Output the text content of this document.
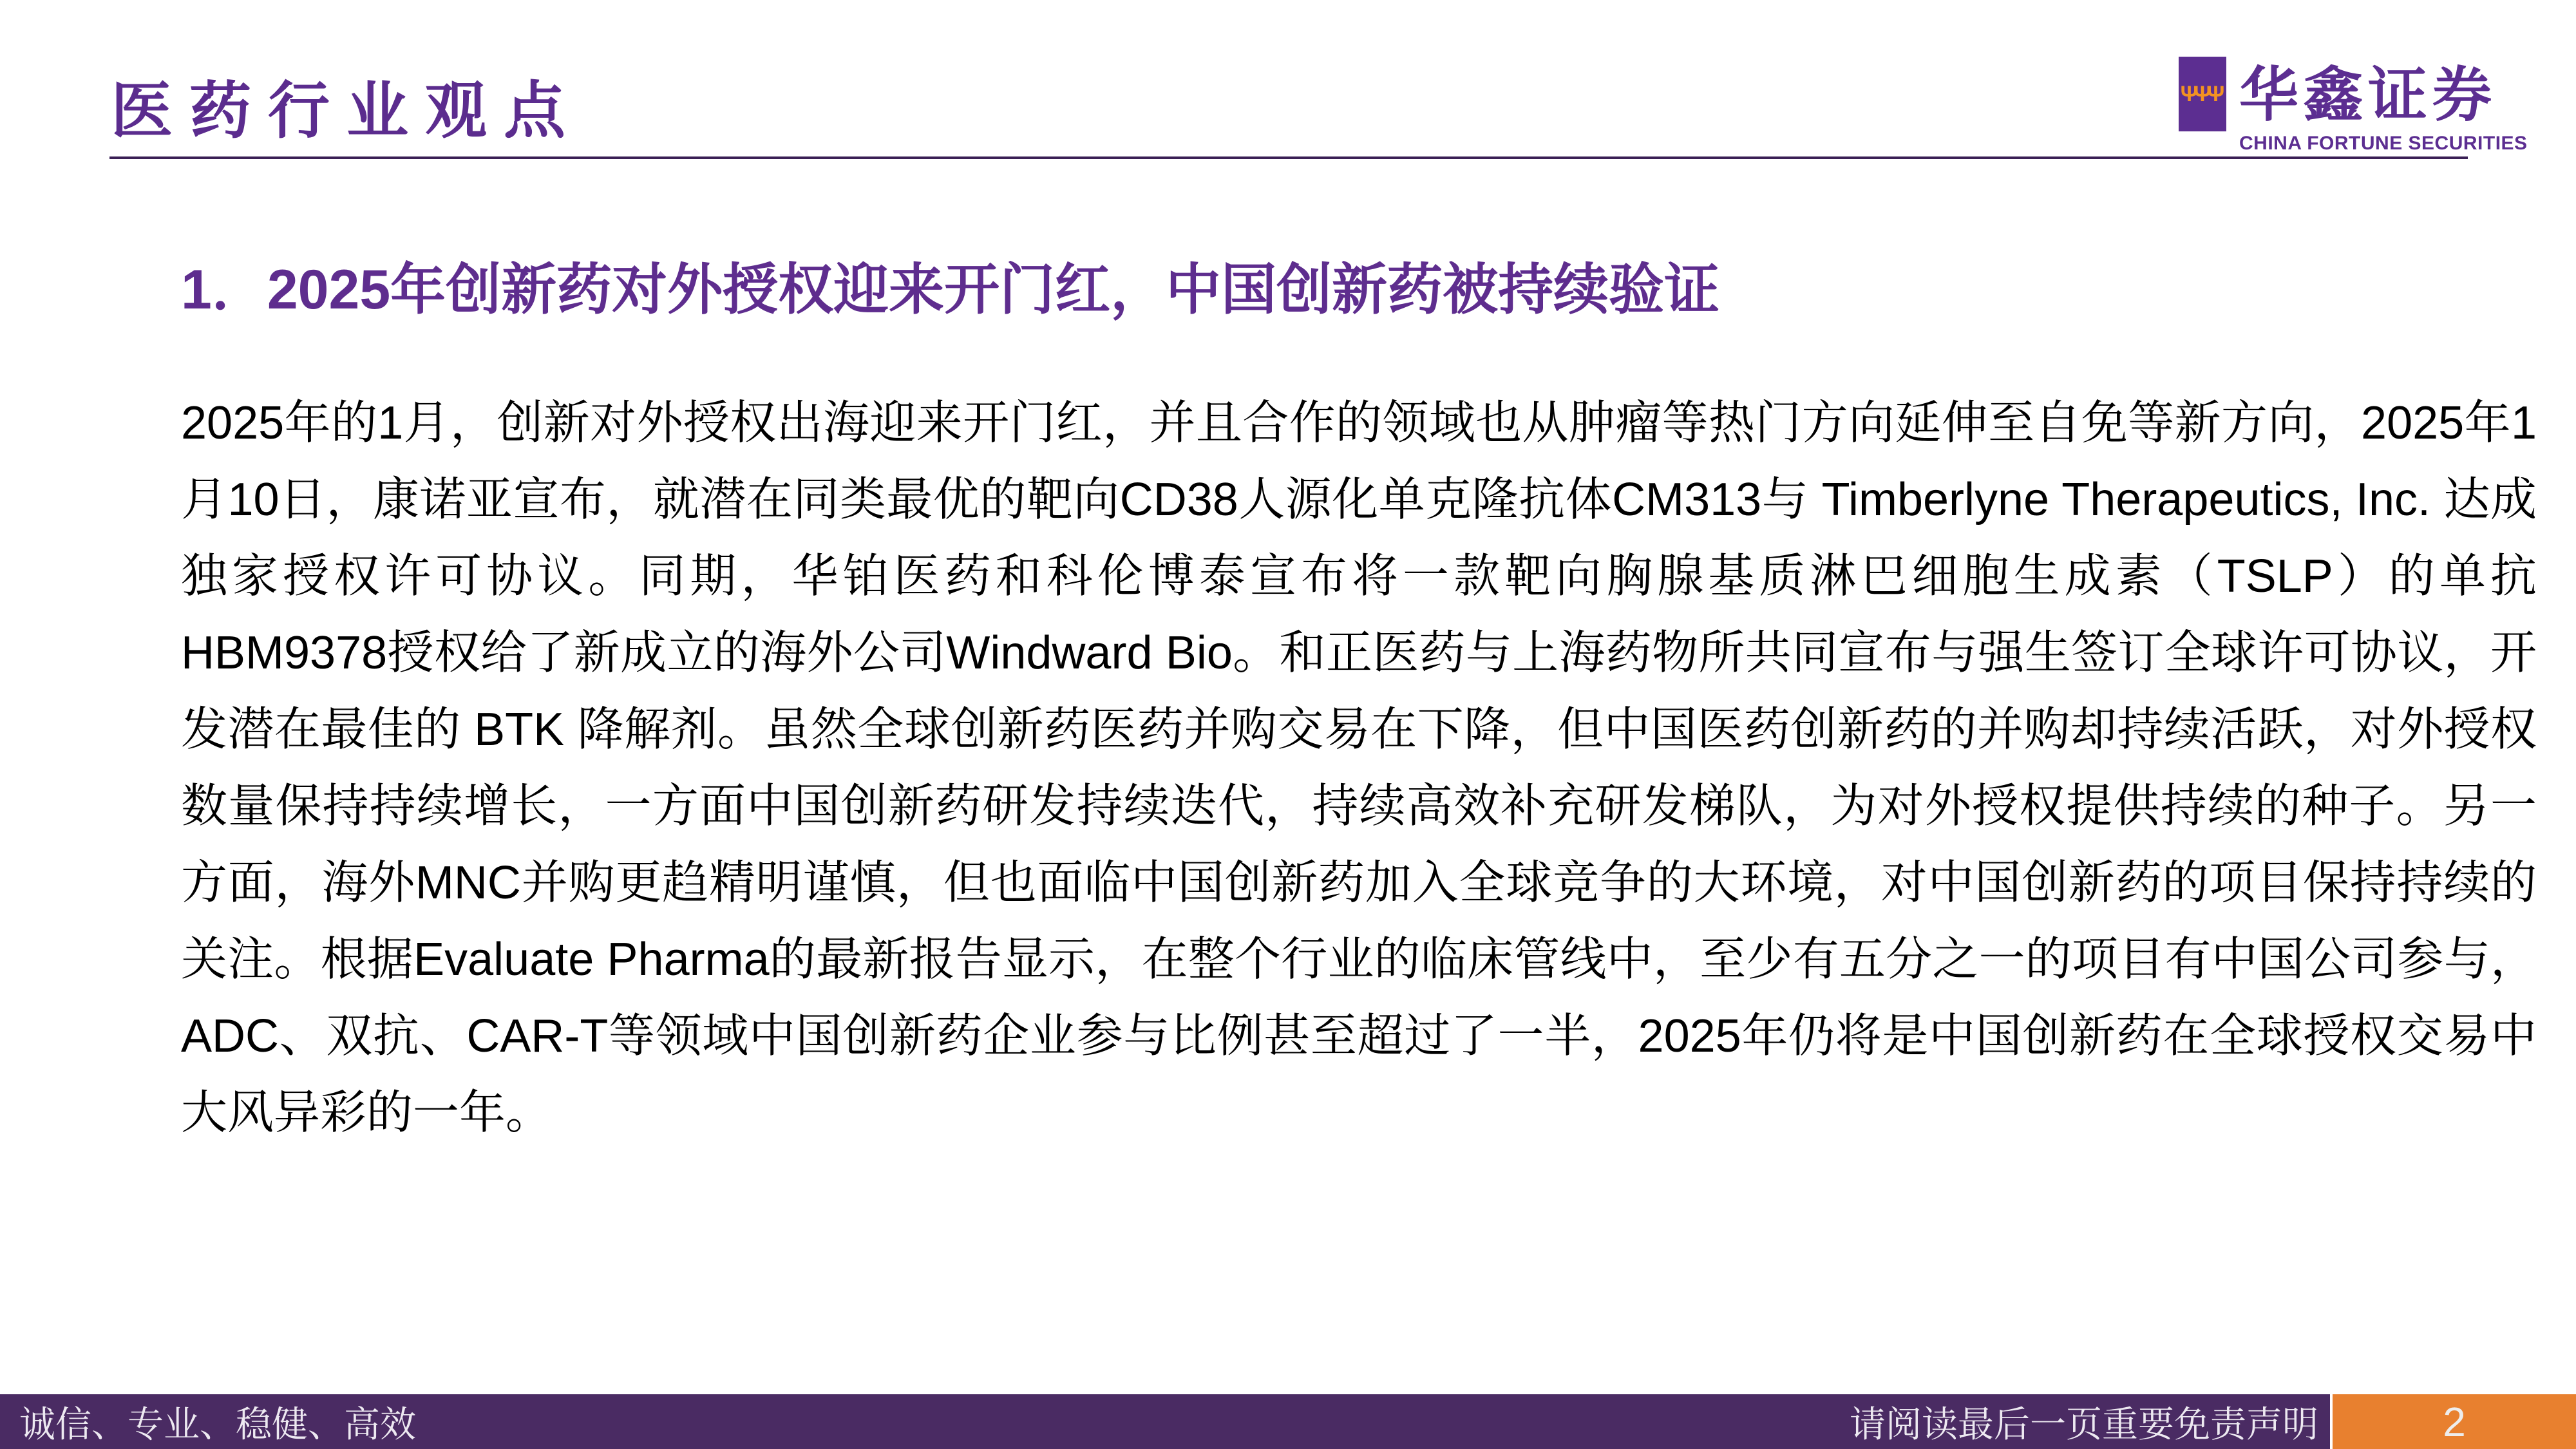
医药行业观点	ΨΨΨ 华鑫证券
CHINA FORTUNE SECURITIES
1．2025年创新药对外授权迎来开门红，中国创新药被持续验证
2025年的1月，创新对外授权出海迎来开门红，并且合作的领域也从肿瘤等热门方向延伸至自免等新方向，2025年1月10日，康诺亚宣布，就潜在同类最优的靶向CD38人源化单克隆抗体CM313与 Timberlyne Therapeutics, Inc. 达成独家授权许可协议。同期，华铂医药和科伦博泰宣布将一款靶向胸腺基质淋巴细胞生成素（TSLP）的单抗HBM9378授权给了新成立的海外公司Windward Bio。和正医药与上海药物所共同宣布与强生签订全球许可协议，开发潜在最佳的 BTK 降解剂。虽然全球创新药医药并购交易在下降，但中国医药创新药的并购却持续活跃，对外授权数量保持持续增长，一方面中国创新药研发持续迭代，持续高效补充研发梯队，为对外授权提供持续的种子。另一方面，海外MNC并购更趋精明谨慎，但也面临中国创新药加入全球竞争的大环境，对中国创新药的项目保持持续的关注。根据Evaluate Pharma的最新报告显示，在整个行业的临床管线中，至少有五分之一的项目有中国公司参与，ADC、双抗、CAR-T等领域中国创新药企业参与比例甚至超过了一半，2025年仍将是中国创新药在全球授权交易中大风异彩的一年。
诚信、专业、稳健、高效	请阅读最后一页重要免责声明	2
